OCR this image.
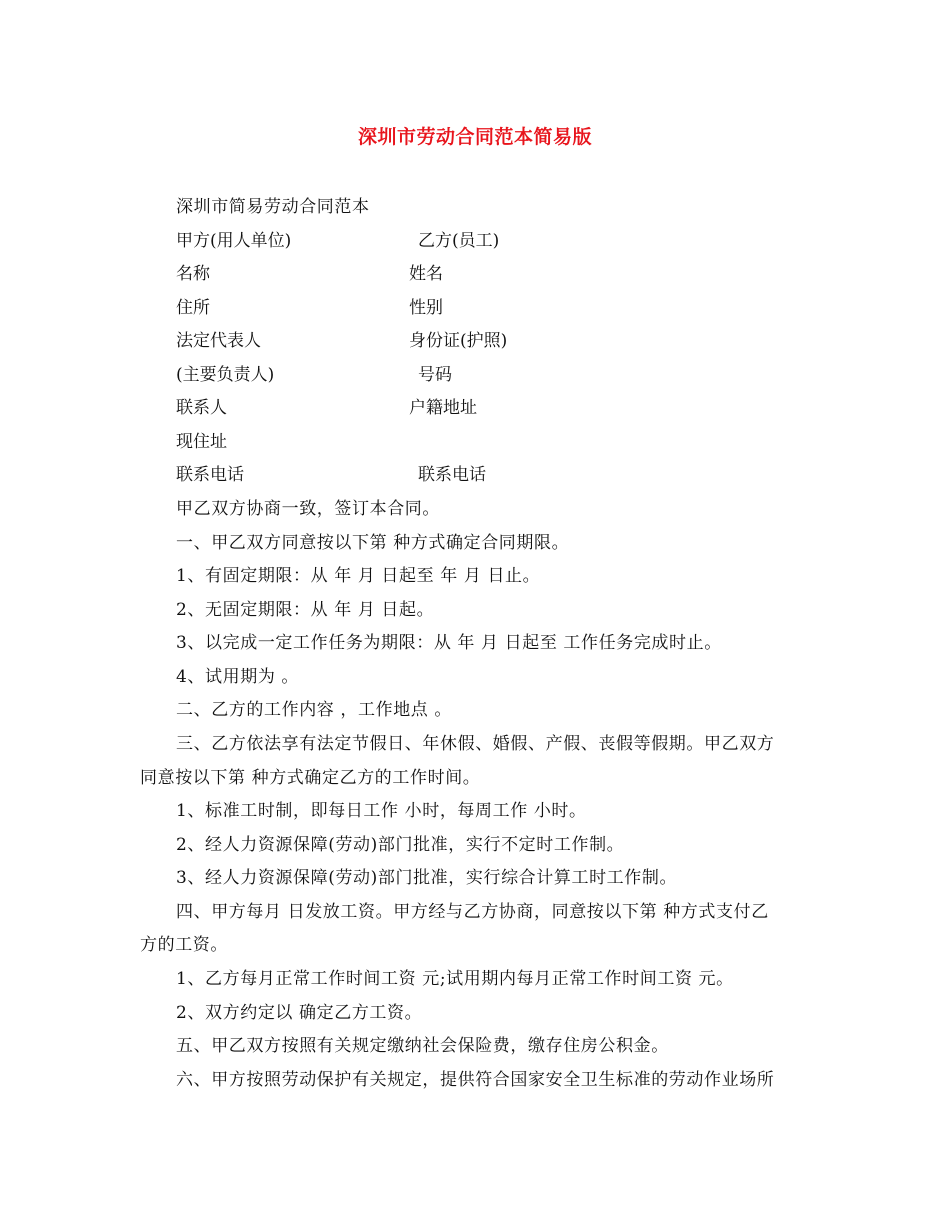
深圳市劳动合同范本简易版
深圳市简易劳动合同范本
甲方(用人单位)	乙方(员工)
名称	姓名
住所	性别
法定代表人	身份证(护照)
(主要负责人)	号码
联系人	户籍地址
现住址
联系电话	联系电话
甲乙双方协商一致，签订本合同。
一、甲乙双方同意按以下第 种方式确定合同期限。
1、有固定期限：从 年 月 日起至 年 月 日止。
2、无固定期限：从 年 月 日起。
3、以完成一定工作任务为期限：从 年 月 日起至 工作任务完成时止。
4、试用期为 。
二、乙方的工作内容 ，工作地点 。
三、乙方依法享有法定节假日、年休假、婚假、产假、丧假等假期。甲乙双方
同意按以下第 种方式确定乙方的工作时间。
1、标准工时制，即每日工作 小时，每周工作 小时。
2、经人力资源保障(劳动)部门批准，实行不定时工作制。
3、经人力资源保障(劳动)部门批准，实行综合计算工时工作制。
四、甲方每月 日发放工资。甲方经与乙方协商，同意按以下第 种方式支付乙
方的工资。
1、乙方每月正常工作时间工资 元;试用期内每月正常工作时间工资 元。
2、双方约定以 确定乙方工资。
五、甲乙双方按照有关规定缴纳社会保险费，缴存住房公积金。
六、甲方按照劳动保护有关规定，提供符合国家安全卫生标准的劳动作业场所
